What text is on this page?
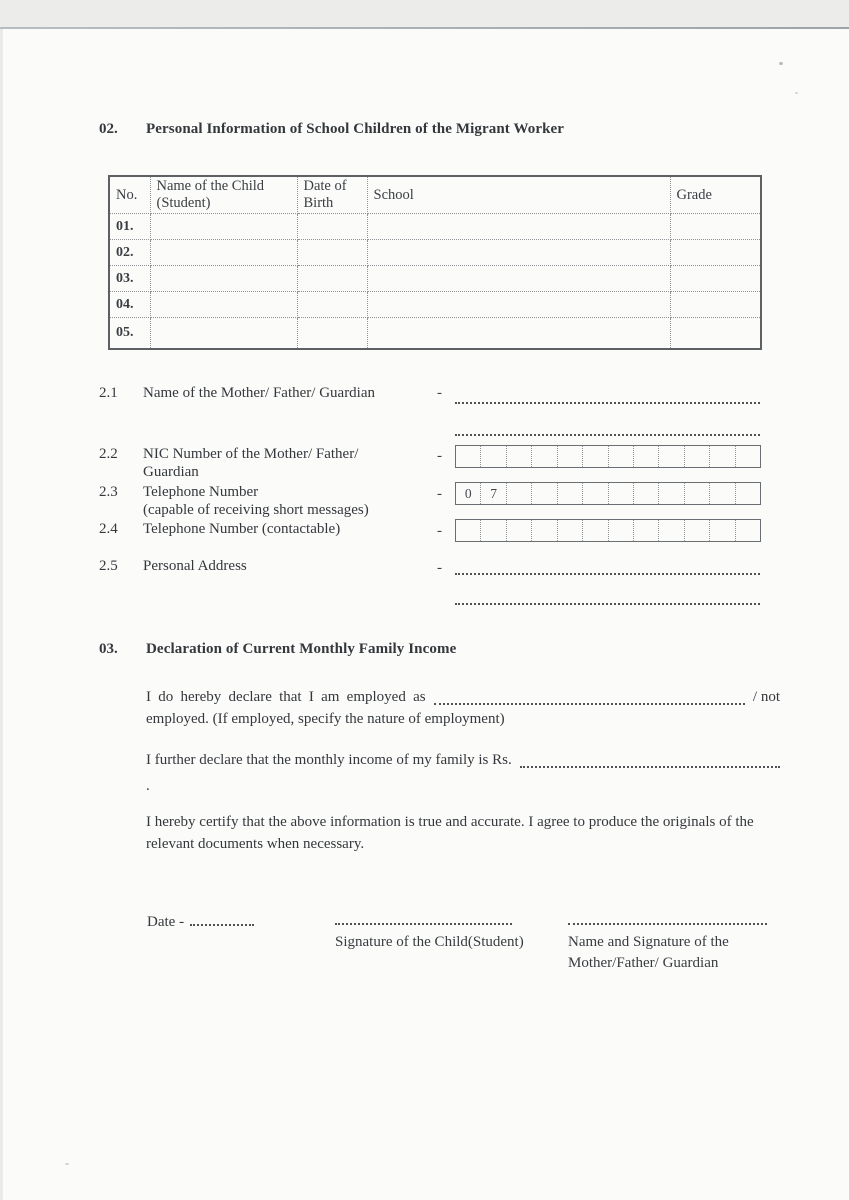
02. Personal Information of School Children of the Migrant Worker
No.	Name of the Child (Student)	Date of Birth	School	Grade
01.				
02.				
03.				
04.				
05.				
2.1 Name of the Mother/ Father/ Guardian	-
2.2 NIC Number of the Mother/ Father/
Guardian
-
2.3 Telephone Number
(capable of receiving short messages)
-	0	7
2.4 Telephone Number (contactable)	-
2.5 Personal Address	-
03. Declaration of Current Monthly Family Income
I do hereby declare that I am employed as	/ not
employed. (If employed, specify the nature of employment)
I further declare that the monthly income of my family is Rs.
.
I hereby certify that the above information is true and accurate. I agree to produce the originals of the relevant documents when necessary.
Date -
Signature of the Child(Student)	Name and Signature of the
Mother/Father/ Guardian
